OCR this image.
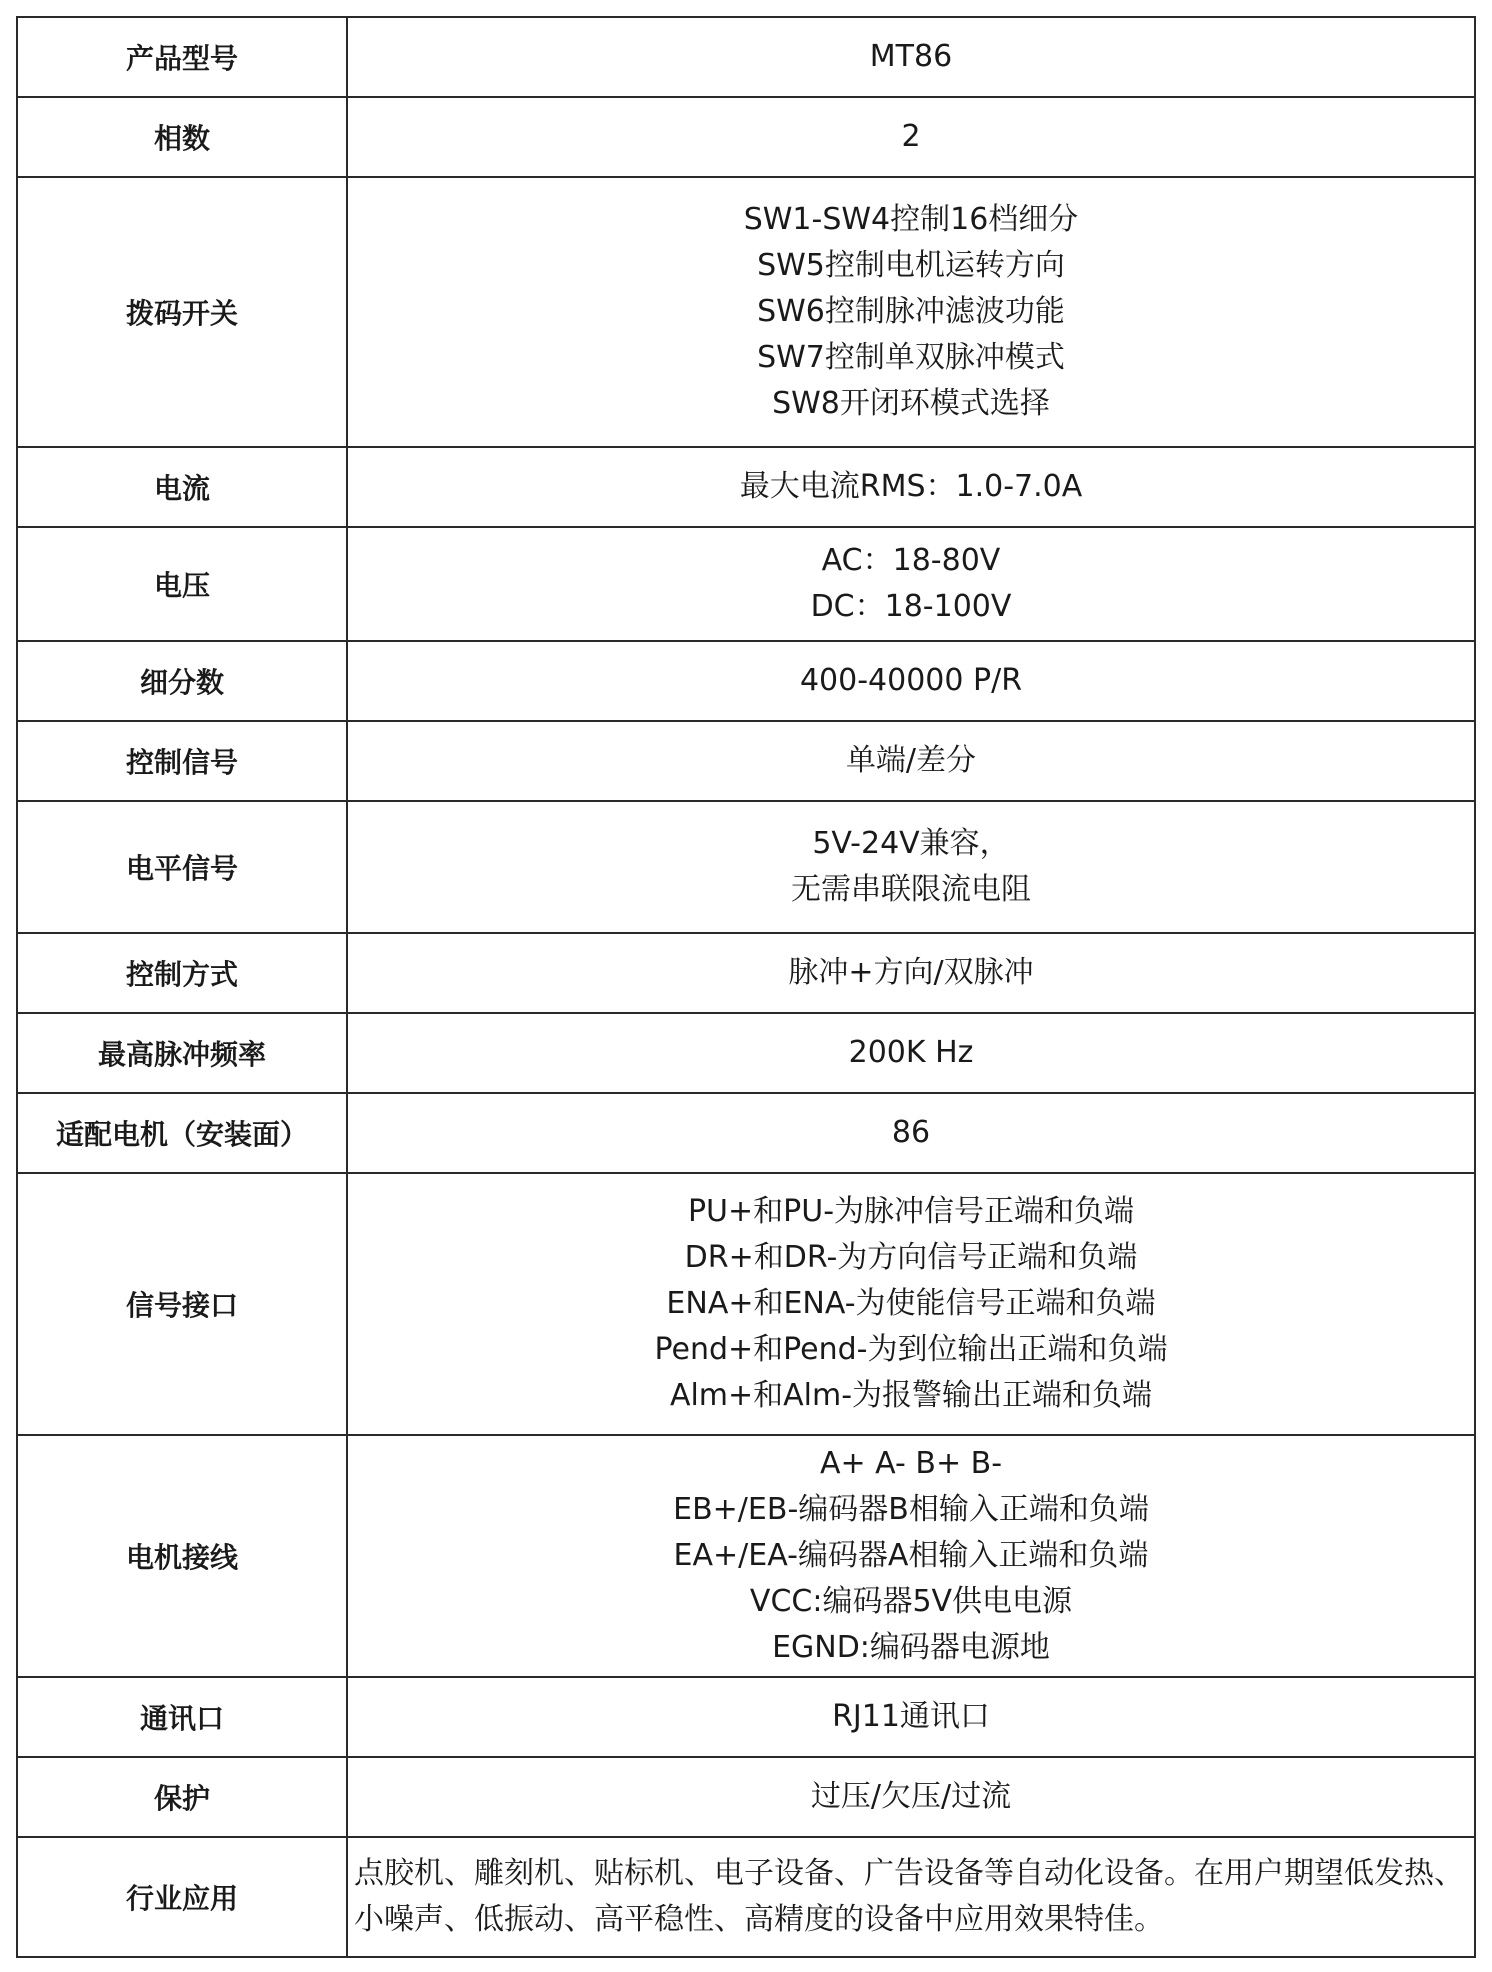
产品型号	MT86

相数	2

拨码开关	SW1-SW4控制16档细分
SW5控制电机运转方向
SW6控制脉冲滤波功能
SW7控制单双脉冲模式
SW8开闭环模式选择

电流	最大电流RMS：1.0-7.0A

电压	AC：18-80V
DC：18-100V

细分数	400-40000 P/R

控制信号	单端/差分

电平信号	5V-24V兼容，
无需串联限流电阻

控制方式	脉冲+方向/双脉冲

最高脉冲频率	200K Hz

适配电机（安装面）	86

信号接口	PU+和PU-为脉冲信号正端和负端
DR+和DR-为方向信号正端和负端
ENA+和ENA-为使能信号正端和负端
Pend+和Pend-为到位输出正端和负端
Alm+和Alm-为报警输出正端和负端

电机接线	A+ A- B+ B-
EB+/EB-编码器B相输入正端和负端
EA+/EA-编码器A相输入正端和负端
VCC:编码器5V供电电源
EGND:编码器电源地

通讯口	RJ11通讯口

保护	过压/欠压/过流

行业应用	点胶机、雕刻机、贴标机、电子设备、广告设备等自动化设备。在用户期望低发热、小噪声、低振动、高平稳性、高精度的设备中应用效果特佳。
